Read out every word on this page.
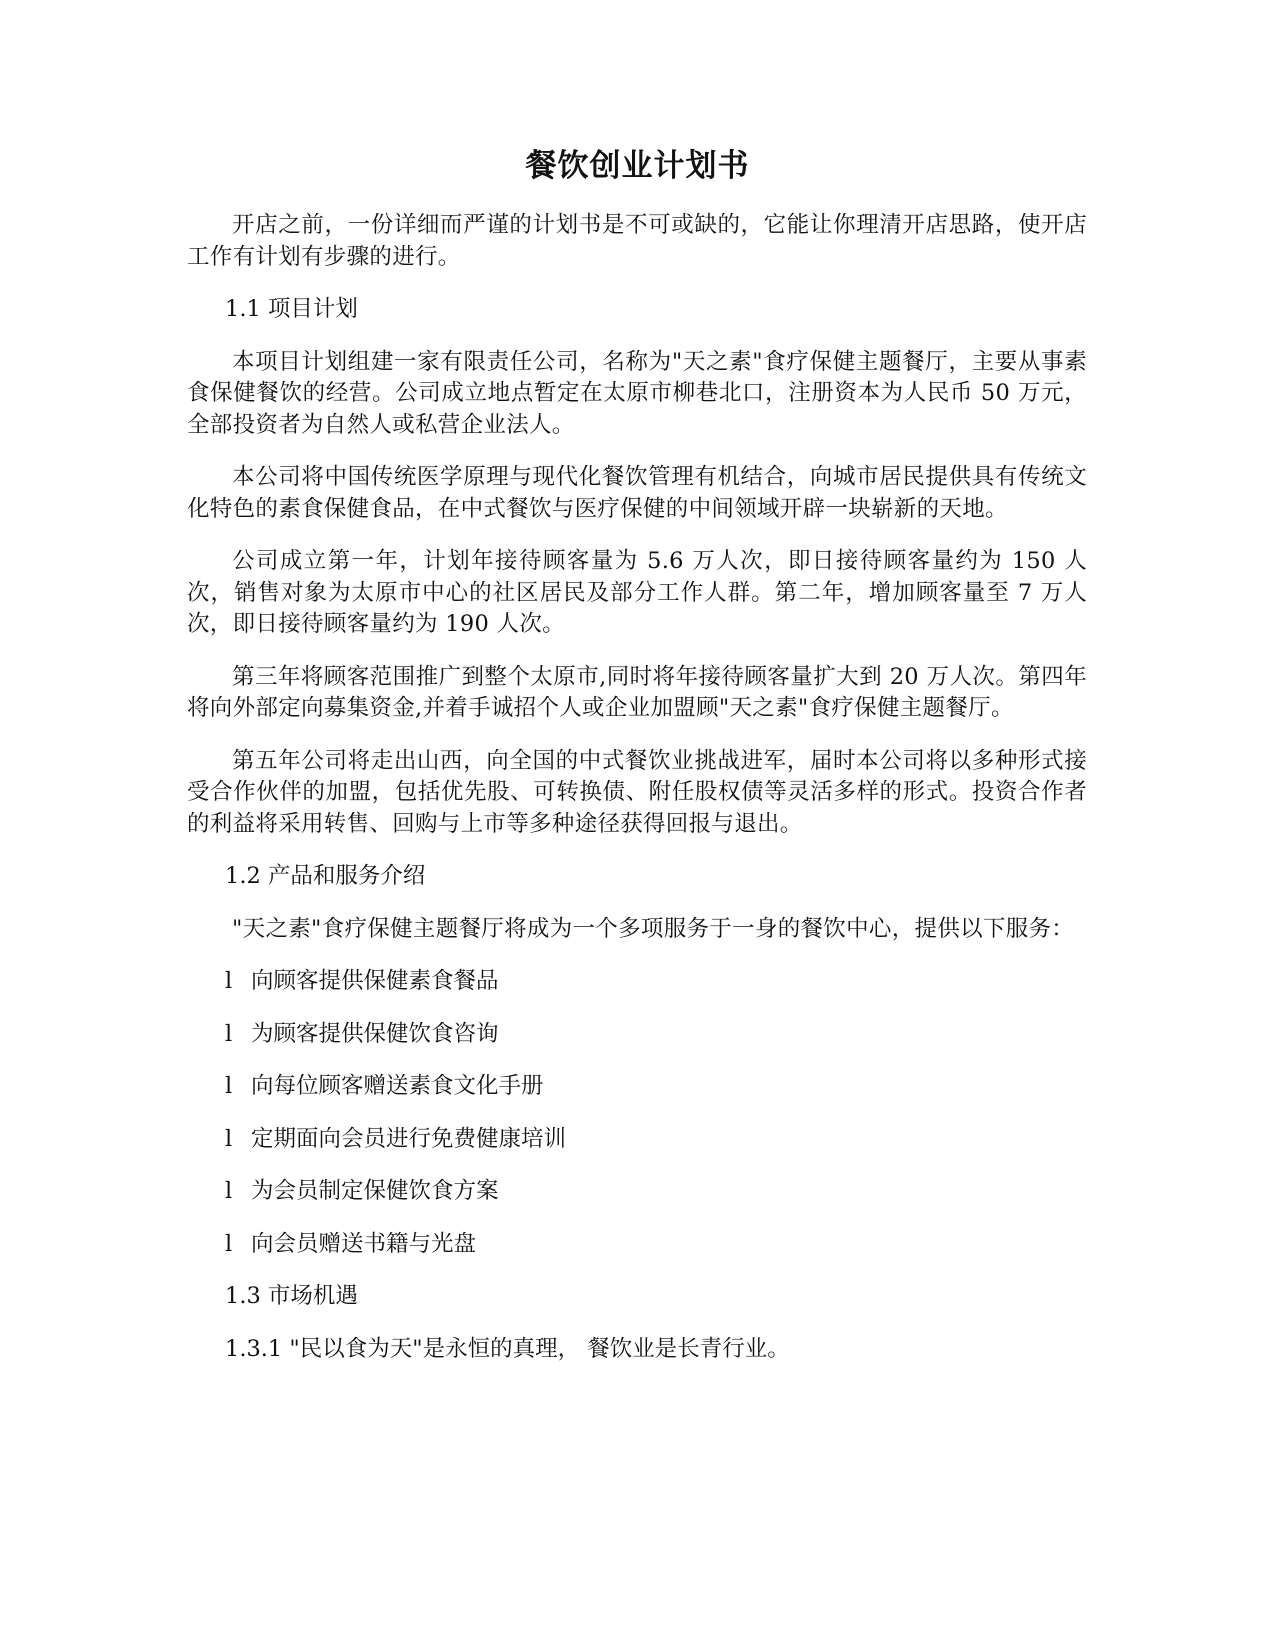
餐饮创业计划书

开店之前，一份详细而严谨的计划书是不可或缺的，它能让你理清开店思路，使开店工作有计划有步骤的进行。

1.1 项目计划

本项目计划组建一家有限责任公司，名称为"天之素"食疗保健主题餐厅，主要从事素食保健餐饮的经营。公司成立地点暂定在太原市柳巷北口，注册资本为人民币 50 万元，全部投资者为自然人或私营企业法人。

本公司将中国传统医学原理与现代化餐饮管理有机结合，向城市居民提供具有传统文化特色的素食保健食品，在中式餐饮与医疗保健的中间领域开辟一块崭新的天地。

公司成立第一年，计划年接待顾客量为 5.6 万人次，即日接待顾客量约为 150 人次，销售对象为太原市中心的社区居民及部分工作人群。第二年，增加顾客量至 7 万人次，即日接待顾客量约为 190 人次。

第三年将顾客范围推广到整个太原市,同时将年接待顾客量扩大到 20 万人次。第四年将向外部定向募集资金,并着手诚招个人或企业加盟顾"天之素"食疗保健主题餐厅。

第五年公司将走出山西，向全国的中式餐饮业挑战进军，届时本公司将以多种形式接受合作伙伴的加盟，包括优先股、可转换债、附任股权债等灵活多样的形式。投资合作者的利益将采用转售、回购与上市等多种途径获得回报与退出。

1.2 产品和服务介绍

"天之素"食疗保健主题餐厅将成为一个多项服务于一身的餐饮中心，提供以下服务：

l 向顾客提供保健素食餐品

l 为顾客提供保健饮食咨询

l 向每位顾客赠送素食文化手册

l 定期面向会员进行免费健康培训

l 为会员制定保健饮食方案

l 向会员赠送书籍与光盘

1.3 市场机遇

1.3.1 "民以食为天"是永恒的真理， 餐饮业是长青行业。
